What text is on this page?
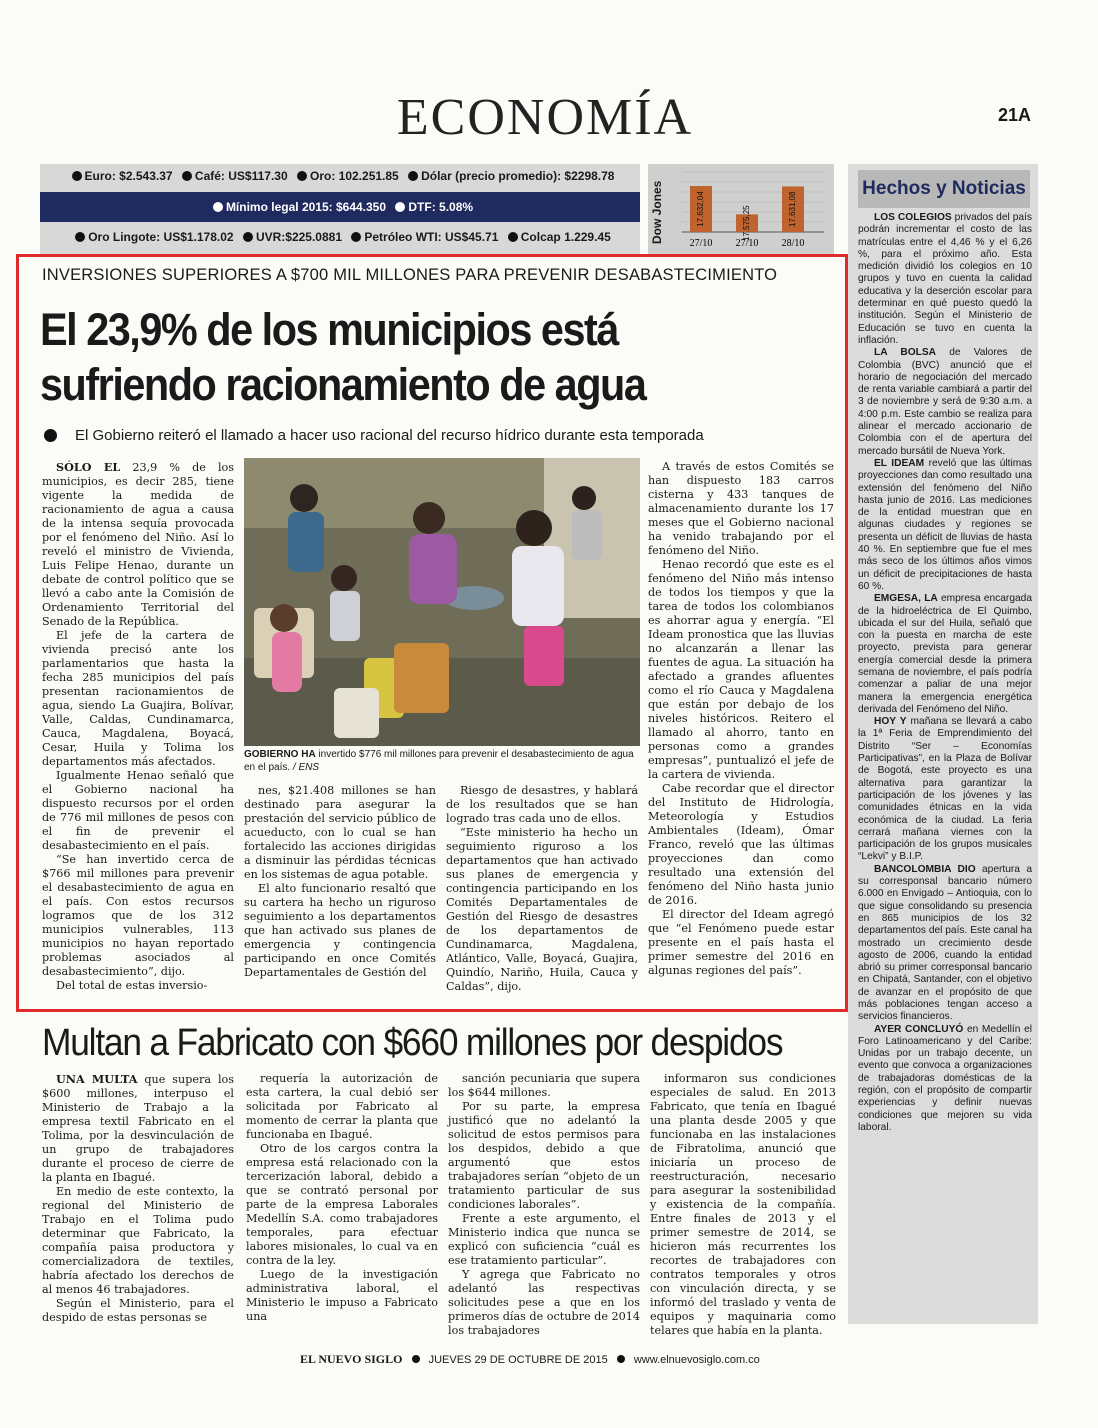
ECONOMÍA	21A
Euro: $2.543.37 Café: US$117.30 Oro: 102.251.85 Dólar (precio promedio): $2298.78
Mínimo legal 2015: $644.350 DTF: 5.08%
Oro Lingote: US$1.178.02 UVR:$225.0881 Petróleo WTI: US$45.71 Colcap 1.229.45	Dow Jones	17.632,04
27/10
17.575,25
27/10
17.631,08
28/10
Hechos y Noticias

LOS COLEGIOS privados del país podrán incrementar el costo de las matrículas entre el 4,46 % y el 6,26 %, para el próximo año. Esta medición dividió los colegios en 10 grupos y tuvo en cuenta la calidad educativa y la deserción escolar para determinar en qué puesto quedó la institución. Según el Ministerio de Educación se tuvo en cuenta la inflación.

LA BOLSA de Valores de Colombia (BVC) anunció que el horario de negociación del mercado de renta variable cambiará a partir del 3 de noviembre y será de 9:30 a.m. a 4:00 p.m. Este cambio se realiza para alinear el mercado accionario de Colombia con el de apertura del mercado bursátil de Nueva York.

EL IDEAM reveló que las últimas proyecciones dan como resultado una extensión del fenómeno del Niño hasta junio de 2016. Las mediciones de la entidad muestran que en algunas ciudades y regiones se presenta un déficit de lluvias de hasta 40 %. En septiembre que fue el mes más seco de los últimos años vimos un déficit de precipitaciones de hasta 60 %.

EMGESA, LA empresa encargada de la hidroeléctrica de El Quimbo, ubicada el sur del Huila, señaló que con la puesta en marcha de este proyecto, prevista para generar energía comercial desde la primera semana de noviembre, el país podría comenzar a paliar de una mejor manera la emergencia energética derivada del Fenómeno del Niño.

HOY Y mañana se llevará a cabo la 1ª Feria de Emprendimiento del Distrito “Ser – Economías Participativas”, en la Plaza de Bolívar de Bogotá, este proyecto es una alternativa para garantizar la participación de los jóvenes y las comunidades étnicas en la vida económica de la ciudad. La feria cerrará mañana viernes con la participación de los grupos musicales “Lekvi” y B.I.P.

BANCOLOMBIA DIO apertura a su corresponsal bancario número 6.000 en Envigado – Antioquia, con lo que sigue consolidando su presencia en 865 municipios de los 32 departamentos del país. Este canal ha mostrado un crecimiento desde agosto de 2006, cuando la entidad abrió su primer corresponsal bancario en Chipatá, Santander, con el objetivo de avanzar en el propósito de que más poblaciones tengan acceso a servicios financieros.

AYER CONCLUYÓ en Medellín el Foro Latinoamericano y del Caribe: Unidas por un trabajo decente, un evento que convoca a organizaciones de trabajadoras domésticas de la región, con el propósito de compartir experiencias y definir nuevas condiciones que mejoren su vida laboral.

INVERSIONES SUPERIORES A $700 MIL MILLONES PARA PREVENIR DESABASTECIMIENTO
El 23,9% de los municipios está
sufriendo racionamiento de agua
El Gobierno reiteró el llamado a hacer uso racional del recurso hídrico durante esta temporada

SÓLO EL 23,9 % de los municipios, es decir 285, tiene vigente la medida de racionamiento de agua a causa de la intensa sequía provocada por el fenómeno del Niño. Así lo reveló el ministro de Vivienda, Luis Felipe Henao, durante un debate de control político que se llevó a cabo ante la Comisión de Ordenamiento Territorial del Senado de la República.

El jefe de la cartera de vivienda precisó ante los parlamentarios que hasta la fecha 285 municipios del país presentan racionamientos de agua, siendo La Guajira, Bolívar, Valle, Caldas, Cundinamarca, Cauca, Magdalena, Boyacá, Cesar, Huila y Tolima los departamentos más afectados.

Igualmente Henao señaló que el Gobierno nacional ha dispuesto recursos por el orden de 776 mil millones de pesos con el fin de prevenir el desabastecimiento en el país.

“Se han invertido cerca de $766 mil millones para prevenir el desabastecimiento de agua en el país. Con estos recursos logramos que de los 312 municipios vulnerables, 113 municipios no hayan reportado problemas asociados al desabastecimiento”, dijo.

Del total de estas inversio-

GOBIERNO HA invertido $776 mil millones para prevenir el desabastecimiento de agua en el país. / ENS

nes, $21.408 millones se han destinado para asegurar la prestación del servicio público de acueducto, con lo cual se han fortalecido las acciones dirigidas a disminuir las pérdidas técnicas en los sistemas de agua potable.

El alto funcionario resaltó que su cartera ha hecho un riguroso seguimiento a los departamentos que han activado sus planes de emergencia y contingencia participando en once Comités Departamentales de Gestión del

Riesgo de desastres, y hablará de los resultados que se han logrado tras cada uno de ellos.

“Este ministerio ha hecho un seguimiento riguroso a los departamentos que han activado sus planes de emergencia y contingencia participando en los Comités Departamentales de Gestión del Riesgo de desastres de los departamentos de Cundinamarca, Magdalena, Atlántico, Valle, Boyacá, Guajira, Quindío, Nariño, Huila, Cauca y Caldas”, dijo.

A través de estos Comités se han dispuesto 183 carros cisterna y 433 tanques de almacenamiento durante los 17 meses que el Gobierno nacional ha venido trabajando por el fenómeno del Niño.

Henao recordó que este es el fenómeno del Niño más intenso de todos los tiempos y que la tarea de todos los colombianos es ahorrar agua y energía. “El Ideam pronostica que las lluvias no alcanzarán a llenar las fuentes de agua. La situación ha afectado a grandes afluentes como el río Cauca y Magdalena que están por debajo de los niveles históricos. Reitero el llamado al ahorro, tanto en personas como a grandes empresas”, puntualizó el jefe de la cartera de vivienda.

Cabe recordar que el director del Instituto de Hidrología, Meteorología y Estudios Ambientales (Ideam), Ómar Franco, reveló que las últimas proyecciones dan como resultado una extensión del fenómeno del Niño hasta junio de 2016.

El director del Ideam agregó que “el Fenómeno puede estar presente en el país hasta el primer semestre del 2016 en algunas regiones del país”.

Multan a Fabricato con $660 millones por despidos

UNA MULTA que supera los $600 millones, interpuso el Ministerio de Trabajo a la empresa textil Fabricato en el Tolima, por la desvinculación de un grupo de trabajadores durante el proceso de cierre de la planta en Ibagué.

En medio de este contexto, la regional del Ministerio de Trabajo en el Tolima pudo determinar que Fabricato, la compañía paisa productora y comercializadora de textiles, habría afectado los derechos de al menos 46 trabajadores.

Según el Ministerio, para el despido de estas personas se

requería la autorización de esta cartera, la cual debió ser solicitada por Fabricato al momento de cerrar la planta que funcionaba en Ibagué.

Otro de los cargos contra la empresa está relacionado con la tercerización laboral, debido a que se contrató personal por parte de la empresa Laborales Medellín S.A. como trabajadores temporales, para efectuar labores misionales, lo cual va en contra de la ley.

Luego de la investigación administrativa laboral, el Ministerio le impuso a Fabricato una

sanción pecuniaria que supera los $644 millones.

Por su parte, la empresa justificó que no adelantó la solicitud de estos permisos para los despidos, debido a que argumentó que estos trabajadores serían “objeto de un tratamiento particular de sus condiciones laborales”.

Frente a este argumento, el Ministerio indica que nunca se explicó con suficiencia “cuál es ese tratamiento particular”.

Y agrega que Fabricato no adelantó las respectivas solicitudes pese a que en los primeros días de octubre de 2014 los trabajadores

informaron sus condiciones especiales de salud. En 2013 Fabricato, que tenía en Ibagué una planta desde 2005 y que funcionaba en las instalaciones de Fibratolima, anunció que iniciaría un proceso de reestructuración, necesario para asegurar la sostenibilidad y existencia de la compañía. Entre finales de 2013 y el primer semestre de 2014, se hicieron más recurrentes los recortes de trabajadores con contratos temporales y otros con vinculación directa, y se informó del traslado y venta de equipos y maquinaria como telares que había en la planta.

EL NUEVO SIGLO JUEVES 29 DE OCTUBRE DE 2015 www.elnuevosiglo.com.co
